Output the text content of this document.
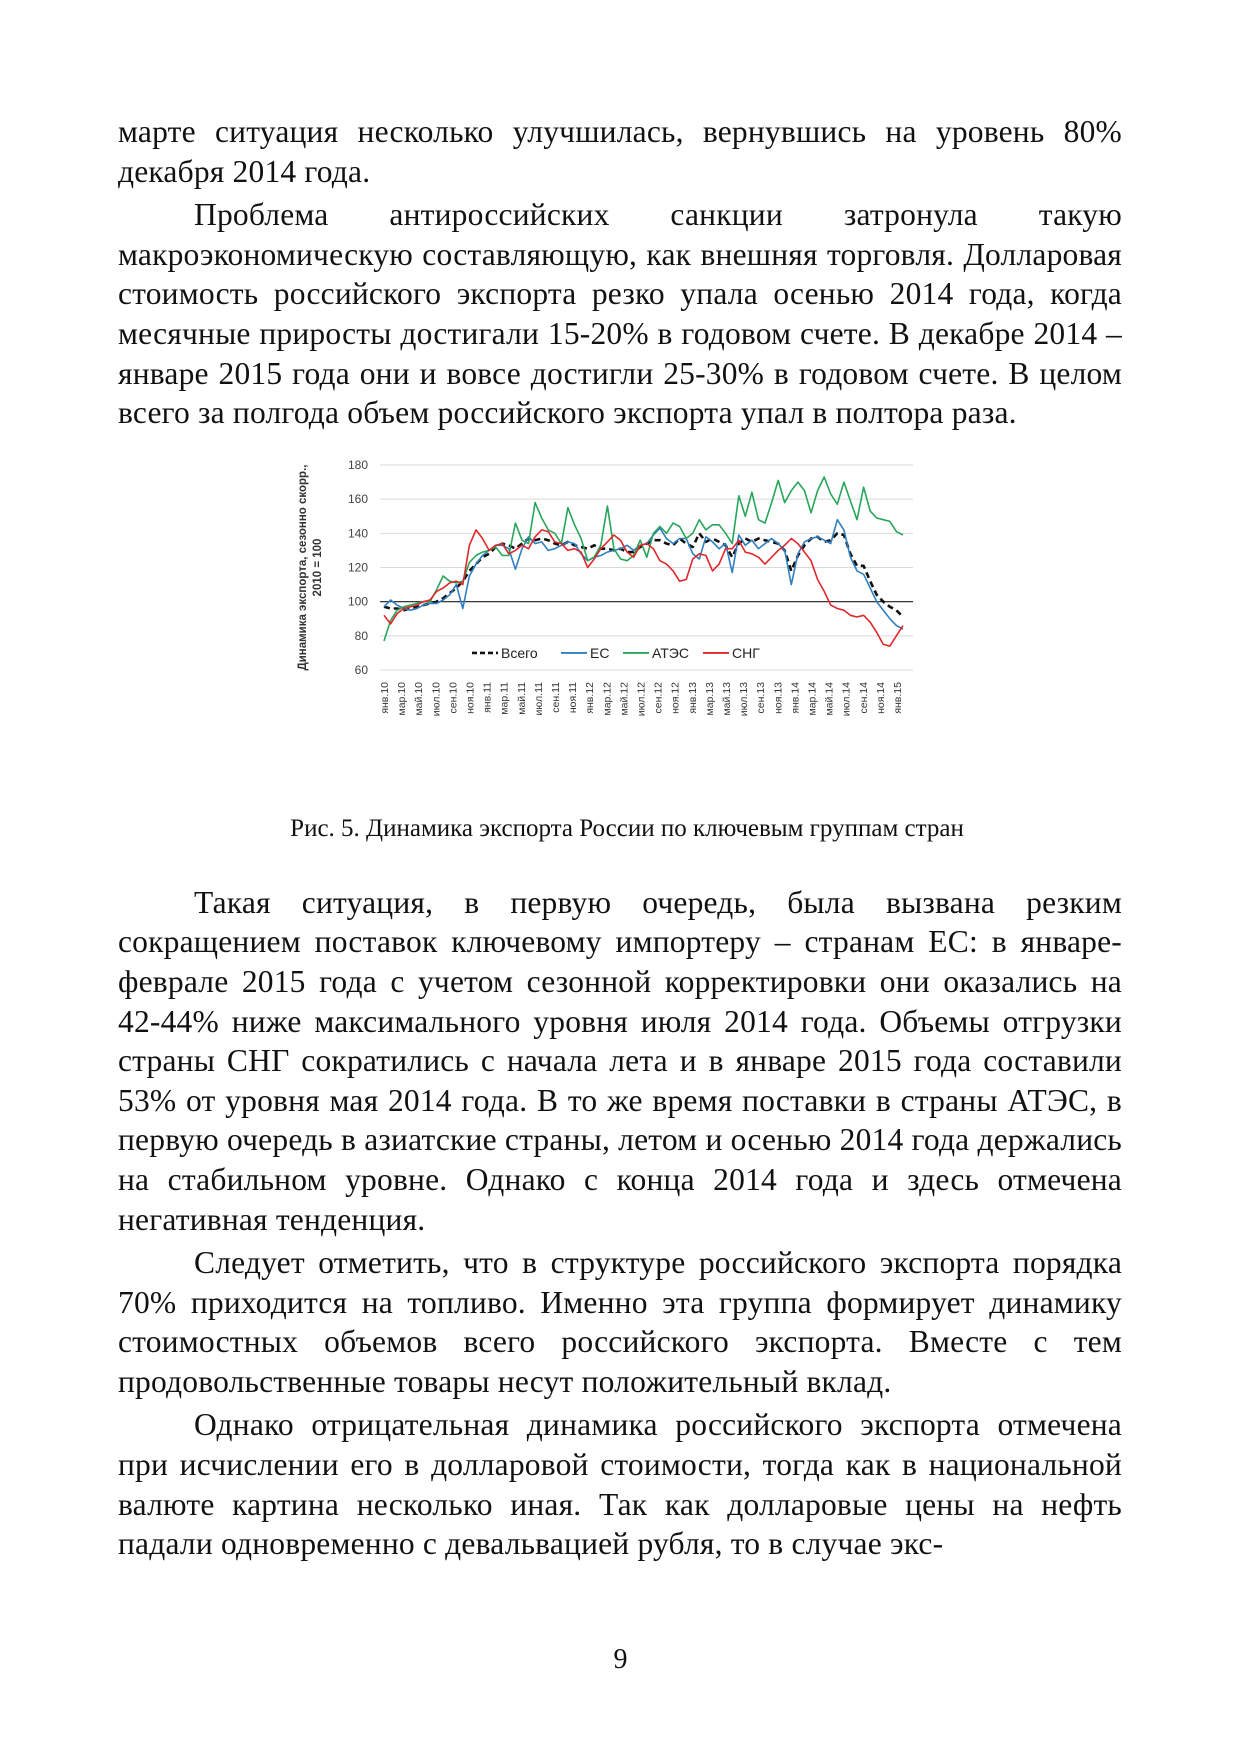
марте ситуация несколько улучшилась, вернувшись на уровень 80% декабря 2014 года.

Проблема антироссийских санкции затронула такую макроэкономическую составляющую, как внешняя торговля. Долларовая стоимость российского экспорта резко упала осенью 2014 года, когда месячные приросты достигали 15-20% в годовом счете. В декабре 2014 – январе 2015 года они и вовсе достигли 25-30% в годовом счете. В целом всего за полгода объем российского экспорта упал в полтора раза.

60
80
100
120
140
160
180
Динамика экспорта, сезонно скорр., 2010 = 100
янв.10 мар.10 май.10 июл.10 сен.10 ноя.10 янв.11 мар.11 май.11 июл.11 сен.11 ноя.11 янв.12 мар.12 май.12 июл.12 сен.12 ноя.12 янв.13 мар.13 май.13 июл.13 сен.13 ноя.13 янв.14 мар.14 май.14 июл.14 сен.14 ноя.14 янв.15
Всего	ЕС	АТЭС	СНГ

Рис. 5. Динамика экспорта России по ключевым группам стран

Такая ситуация, в первую очередь, была вызвана резким сокращением поставок ключевому импортеру – странам ЕС: в январе-феврале 2015 года с учетом сезонной корректировки они оказались на 42-44% ниже максимального уровня июля 2014 года. Объемы отгрузки страны СНГ сократились с начала лета и в январе 2015 года составили 53% от уровня мая 2014 года. В то же время поставки в страны АТЭС, в первую очередь в азиатские страны, летом и осенью 2014 года держались на стабильном уровне. Однако с конца 2014 года и здесь отмечена негативная тенденция.

Следует отметить, что в структуре российского экспорта порядка 70% приходится на топливо. Именно эта группа формирует динамику стоимостных объемов всего российского экспорта. Вместе с тем продовольственные товары несут положительный вклад.

Однако отрицательная динамика российского экспорта отмечена при исчислении его в долларовой стоимости, тогда как в национальной валюте картина несколько иная. Так как долларовые цены на нефть падали одновременно с девальвацией рубля, то в случае экс-

9
